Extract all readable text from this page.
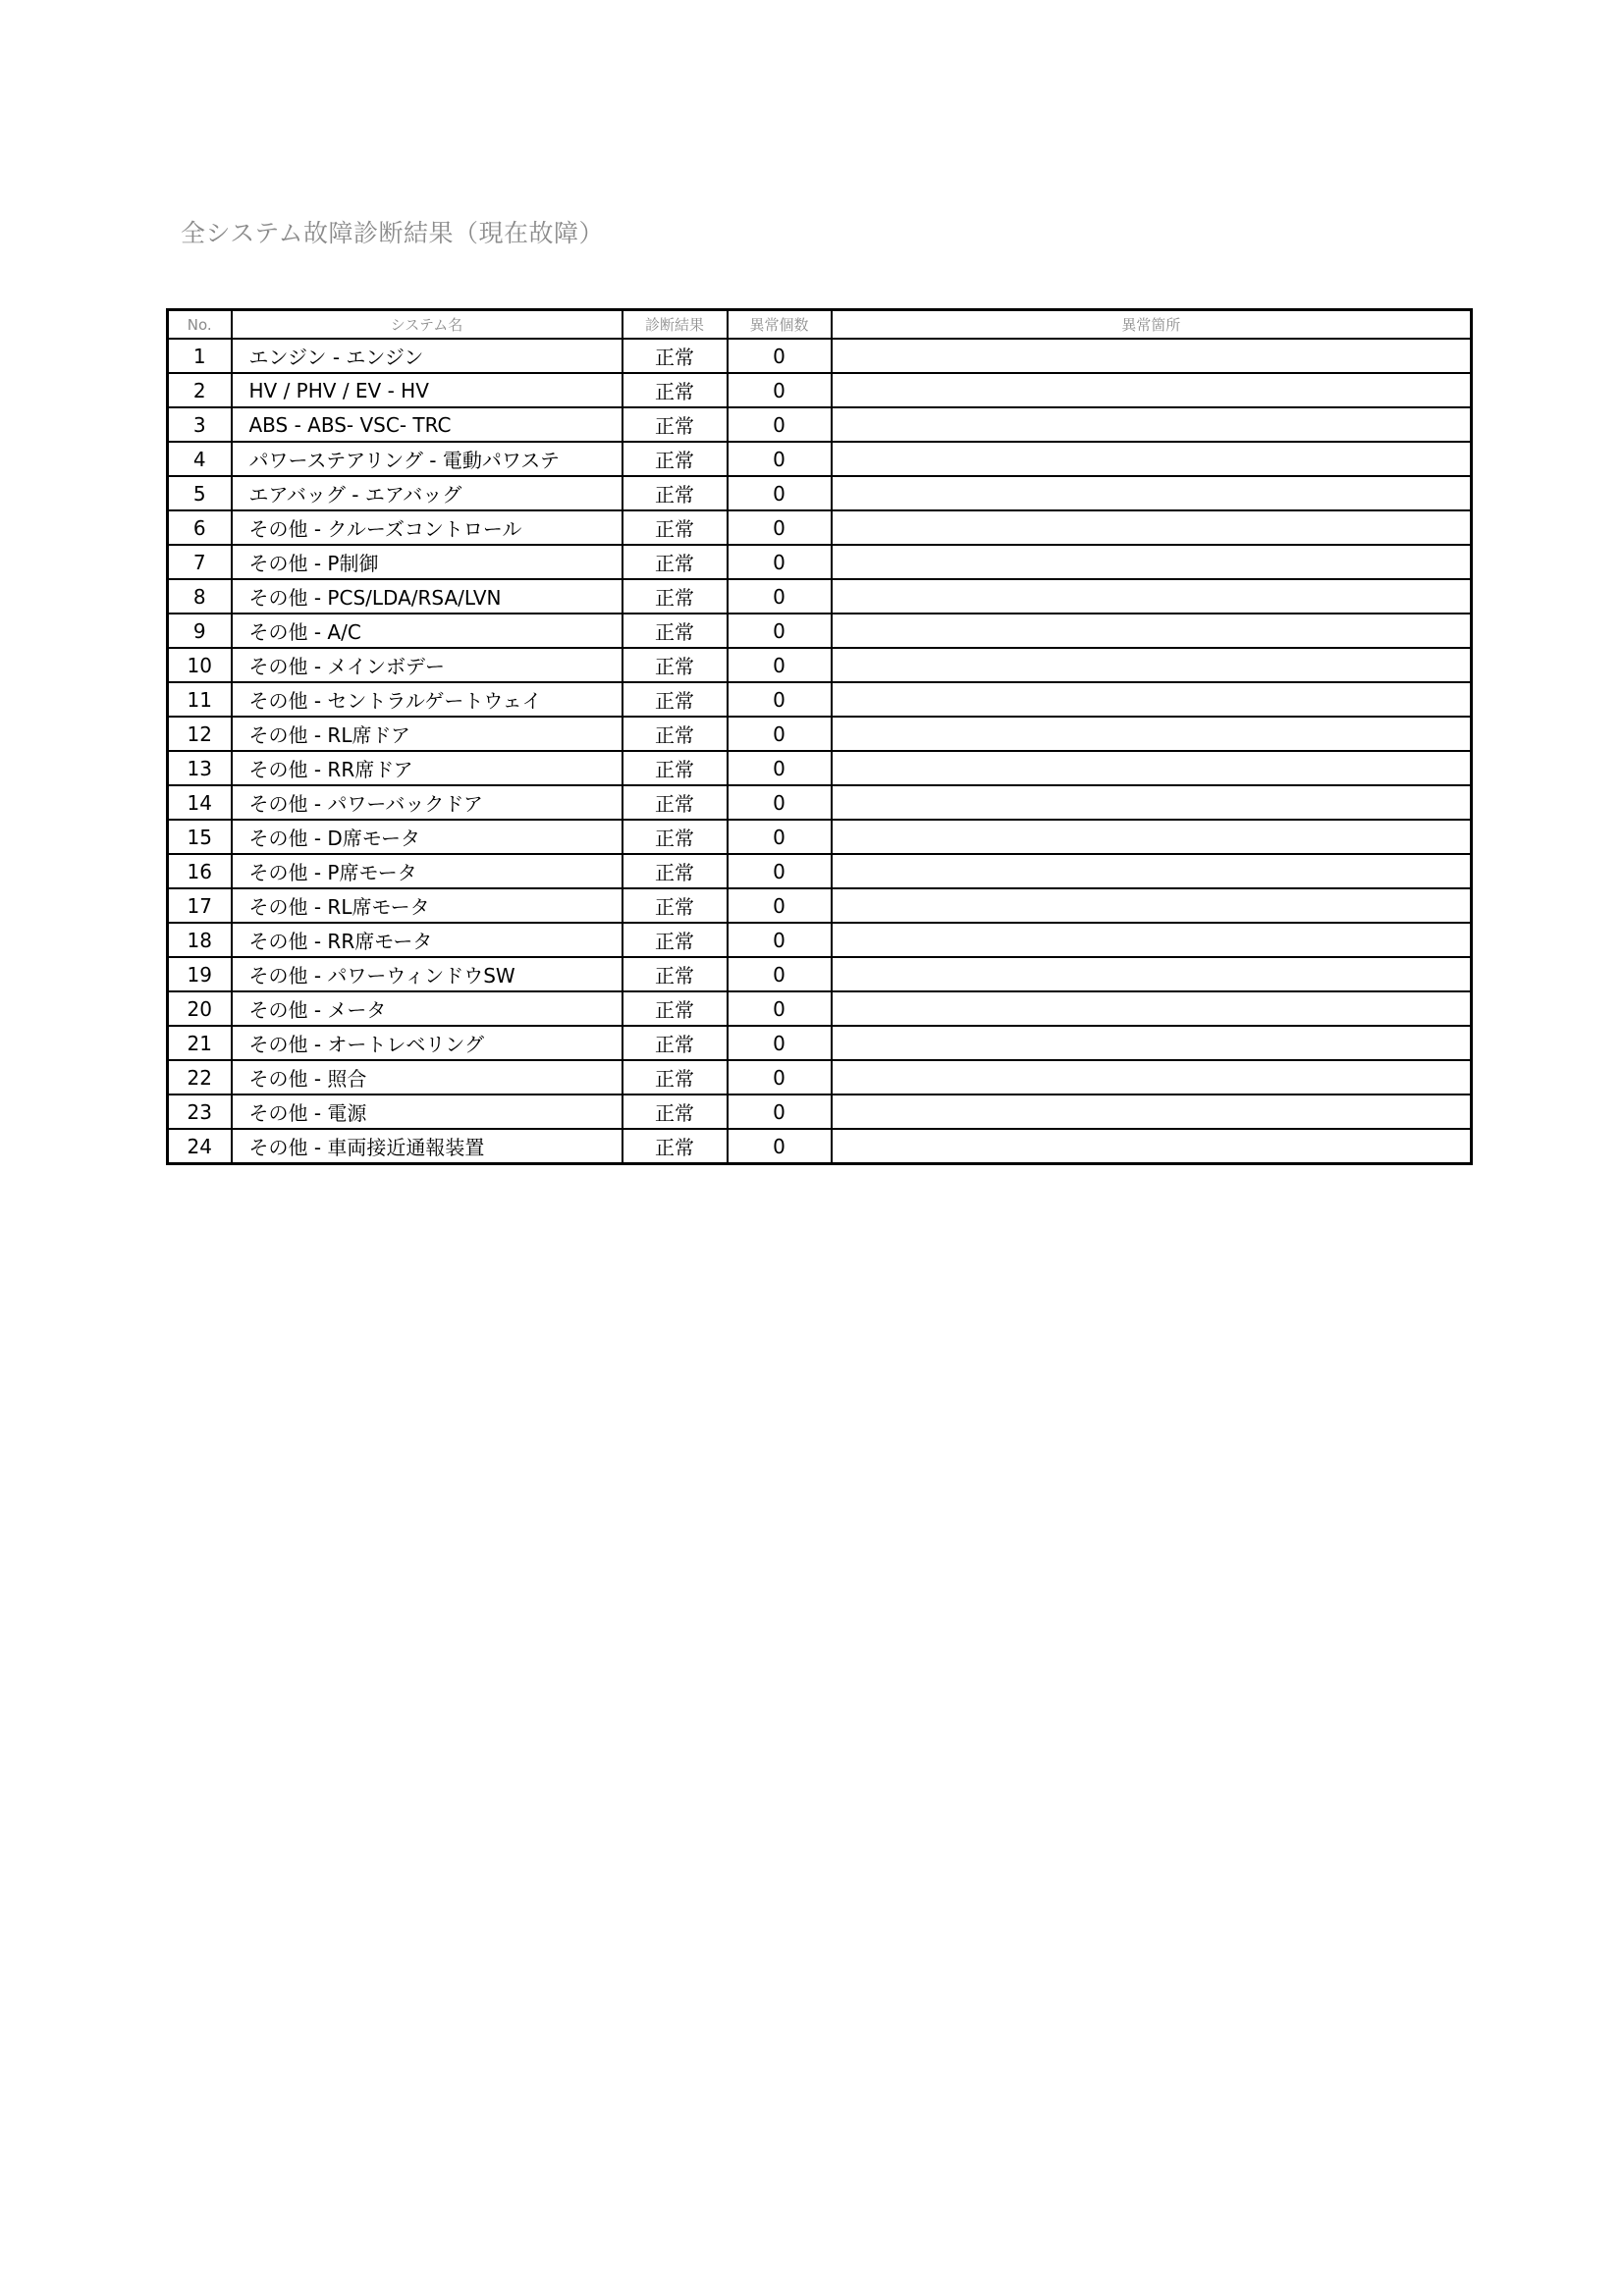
全システム故障診断結果（現在故障）
No.	システム名	診断結果	異常個数	異常箇所
1	エンジン - エンジン	正常	0	
2	HV / PHV / EV - HV	正常	0	
3	ABS - ABS- VSC- TRC	正常	0	
4	パワーステアリング - 電動パワステ	正常	0	
5	エアバッグ - エアバッグ	正常	0	
6	その他 - クルーズコントロール	正常	0	
7	その他 - P制御	正常	0	
8	その他 - PCS/LDA/RSA/LVN	正常	0	
9	その他 - A/C	正常	0	
10	その他 - メインボデー	正常	0	
11	その他 - セントラルゲートウェイ	正常	0	
12	その他 - RL席ドア	正常	0	
13	その他 - RR席ドア	正常	0	
14	その他 - パワーバックドア	正常	0	
15	その他 - D席モータ	正常	0	
16	その他 - P席モータ	正常	0	
17	その他 - RL席モータ	正常	0	
18	その他 - RR席モータ	正常	0	
19	その他 - パワーウィンドウSW	正常	0	
20	その他 - メータ	正常	0	
21	その他 - オートレベリング	正常	0	
22	その他 - 照合	正常	0	
23	その他 - 電源	正常	0	
24	その他 - 車両接近通報装置	正常	0	
